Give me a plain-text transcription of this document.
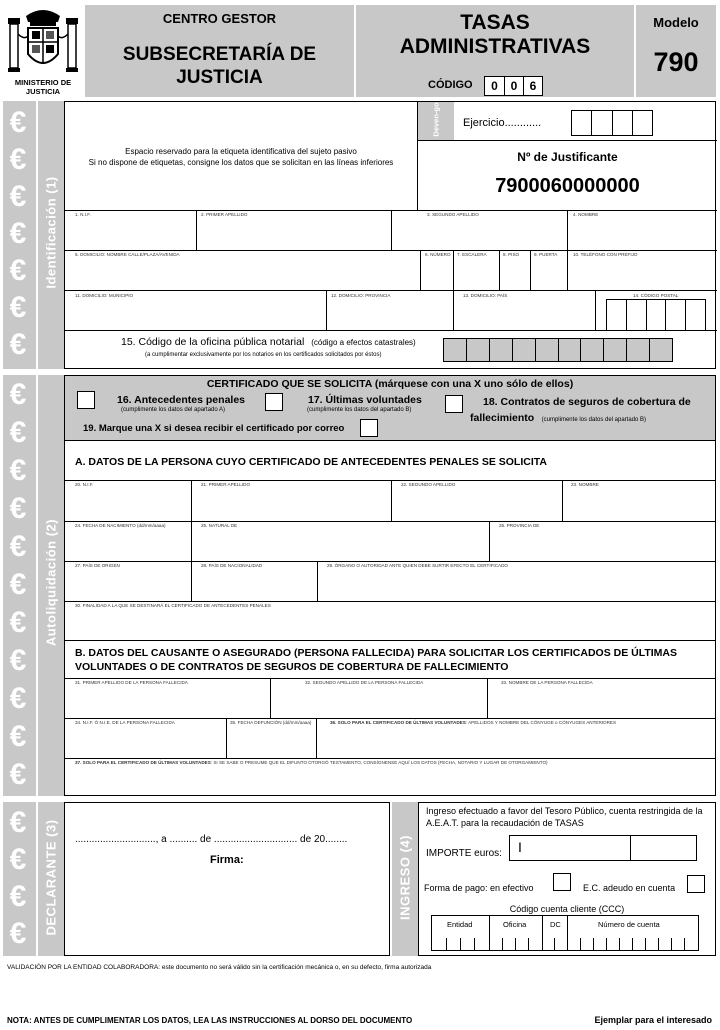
MINISTERIO DE JUSTICIA
CENTRO GESTOR
SUBSECRETARÍA DE JUSTICIA
TASAS ADMINISTRATIVAS
CÓDIGO	0	0	6
Modelo
790
€
€
€
€
€
€
€
€
€
€
€
€
€
€
€
€
€
€
€
€
€
€
Identificación (1)
Espacio reservado para la etiqueta identificativa del sujeto pasivo
Si no dispone de etiquetas, consigne los datos que se solicitan en las líneas inferiores
Deven-go Ejercicio............
Nº de Justificante
7900060000000
1. N.I.F.	2. PRIMER APELLIDO	3. SEGUNDO APELLIDO	4. NOMBRE
5. DOMICILIO: NOMBRE CALLE/PLAZA/AVENIDA	6. NÚMERO 7. ESCALERA	8. PISO	9. PUERTA	10. TELÉFONO CON PREFIJO
11. DOMICILIO: MUNICIPIO	12. DOMICILIO: PROVINCIA	13. DOMICILIO: PAÍS	14. CÓDIGO POSTAL
15. Código de la oficina pública notarial (código a efectos catastrales)
(a cumplimentar exclusivamente por los notarios en los certificados solicitados por éstos)
Autoliquidación (2)
CERTIFICADO QUE SE SOLICITA (márquese con una X uno sólo de ellos)
16. Antecedentes penales
(cumplimente los datos del apartado A)
17. Últimas voluntades
(cumplimente los datos del apartado B)
18. Contratos de seguros de cobertura de
fallecimiento (cumplimente los datos del apartado B)
19. Marque una X si desea recibir el certificado por correo
A. DATOS DE LA PERSONA CUYO CERTIFICADO DE ANTECEDENTES PENALES SE SOLICITA
20. N.I.F.	21. PRIMER APELLIDO	22. SEGUNDO APELLIDO	23. NOMBRE
24. FECHA DE NACIMIENTO (dd/mm/aaaa)	25. NATURAL DE	26. PROVINCIA DE
27. PAÍS DE ORIGEN	28. PAÍS DE NACIONALIDAD	29. ÓRGANO O AUTORIDAD ANTE QUIEN DEBE SURTIR EFECTO EL CERTIFICADO
30. FINALIDAD A LA QUE SE DESTINARÁ EL CERTIFICADO DE ANTECEDENTES PENALES
B. DATOS DEL CAUSANTE O ASEGURADO (PERSONA FALLECIDA) PARA SOLICITAR LOS CERTIFICADOS DE ÚLTIMAS
VOLUNTADES O DE CONTRATOS DE SEGUROS DE COBERTURA DE FALLECIMIENTO
31. PRIMER APELLIDO DE LA PERSONA FALLECIDA	32. SEGUNDO APELLIDO DE LA PERSONA FALLECIDA	33. NOMBRE DE LA PERSONA FALLECIDA
34. N.I.F. Ó N.I.E. DE LA PERSONA FALLECIDA	35. FECHA DEFUNCIÓN (dd/mm/aaaa)	36. SOLO PARA EL CERTIFICADO DE ÚLTIMAS VOLUNTADES: APELLIDOS Y NOMBRE DEL CÓNYUGE o CÓNYUGES ANTERIORES
37. SOLO PARA EL CERTIFICADO DE ÚLTIMAS VOLUNTADES: SI SE SABE O PRESUME QUE EL DIFUNTO OTORGÓ TESTAMENTO, CONSÍGNENSE AQUÍ LOS DATOS (FECHA, NOTARIO Y LUGAR DE OTORGAMIENTO)
DECLARANTE (3) ............................., a .......... de .............................. de 20........
Firma:	INGRESO (4)
Ingreso efectuado a favor del Tesoro Público, cuenta restringida de la
A.E.A.T. para la recaudación de TASAS
IMPORTE euros: I
Forma de pago: en efectivo	E.C. adeudo en cuenta
Código cuenta cliente (CCC)
Entidad	Oficina	DC	Número de cuenta
VALIDACIÓN POR LA ENTIDAD COLABORADORA: este documento no será válido sin la certificación mecánica o, en su defecto, firma autorizada
NOTA: ANTES DE CUMPLIMENTAR LOS DATOS, LEA LAS INSTRUCCIONES AL DORSO DEL DOCUMENTO	Ejemplar para el interesado
